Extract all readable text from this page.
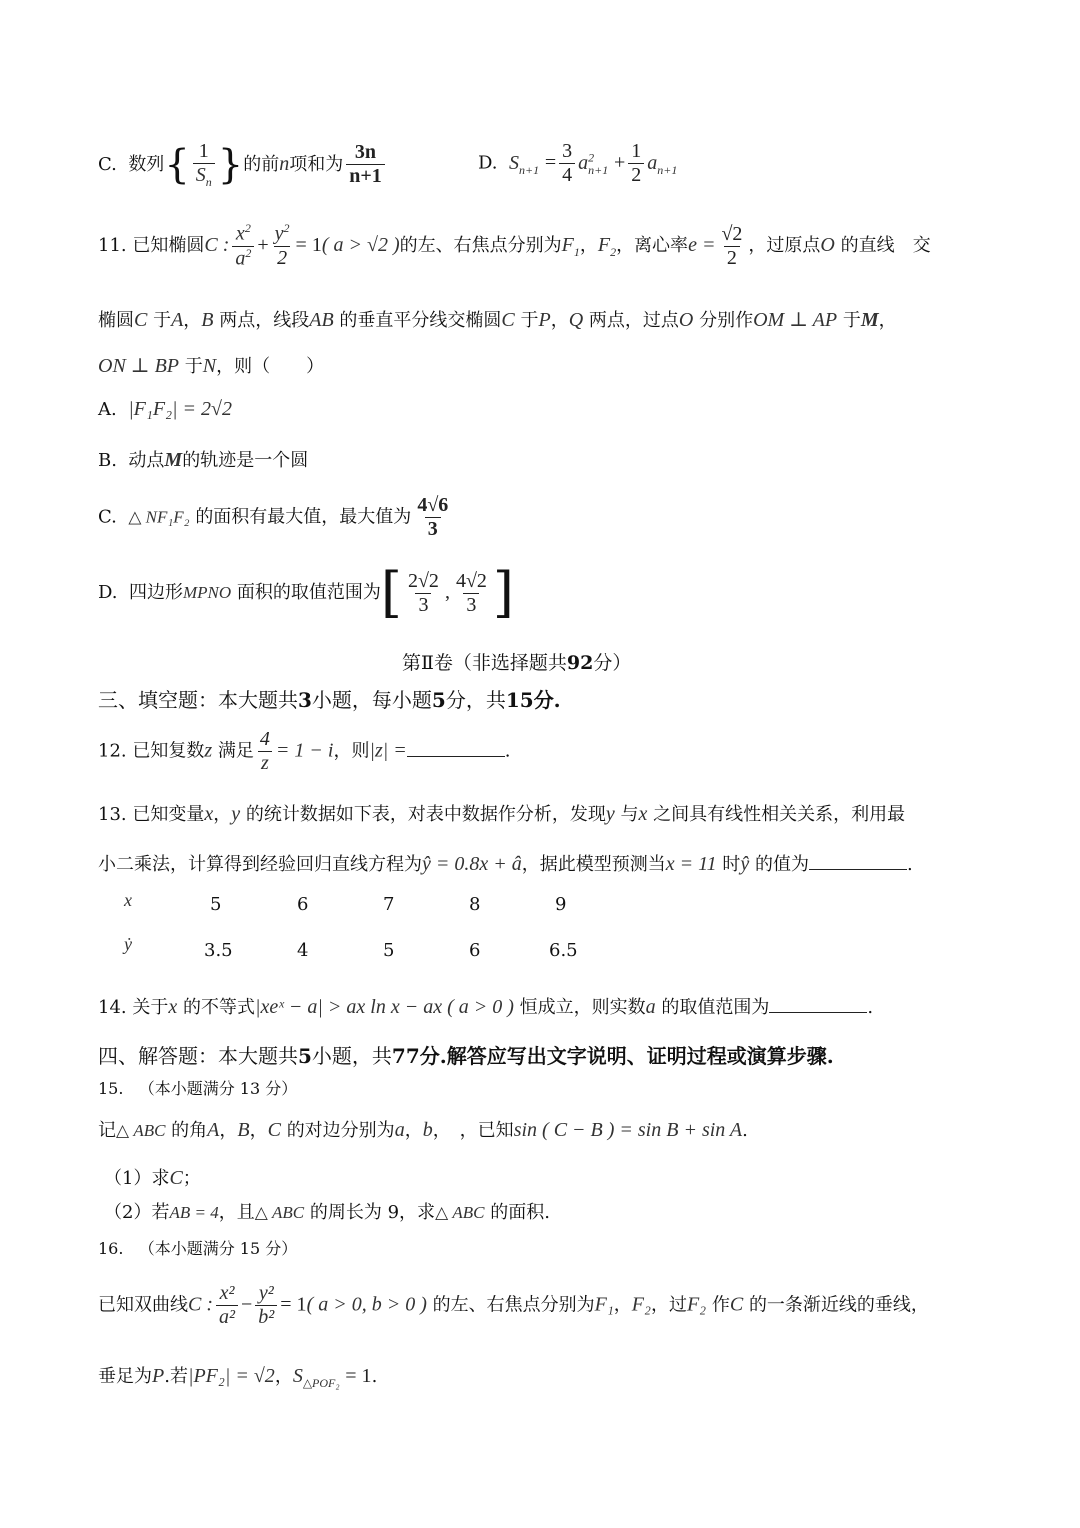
C. 数列{ $\frac{1}{S_n}$ }的前n项和为 $\frac{3n}{n+1}$	D. $S_{n+1} = \frac{3}{4} a^2_{n+1} + \frac{1}{2} a_{n+1}$
11. 已知椭圆C : $\frac{x^2}{a^2} + \frac{y^2}{2} = 1$( a > √2 )的左、右焦点分别为$F_1$，$F_2$，离心率$e = \frac{√2}{2}$ ，过原点O 的直线　交
椭圆C 于A，B 两点，线段AB 的垂直平分线交椭圆C 于P，Q 两点，过点O 分别作OM ⊥ AP 于M，
ON ⊥ BP 于N，则（　　）
A. |F₁F₂| = 2√2
B. 动点M的轨迹是一个圆
C. △ NF₁F₂ 的面积有最大值，最大值为 $\frac{4√6}{3}$
D. 四边形MPNO 面积的取值范围为[ $\frac{2√2}{3}$ , $\frac{4√2}{3}$ ]
第Ⅱ卷（非选择题共92分）
三、填空题：本大题共3小题，每小题5分，共15分.
12. 已知复数z 满足 $\frac{4}{z} = 1 - i$，则|z| =	.
13. 已知变量x，y 的统计数据如下表，对表中数据作分析，发现y 与x 之间具有线性相关关系，利用最
小二乘法，计算得到经验回归直线方程为ŷ = 0.8x + â，据此模型预测当x = 11 时ŷ 的值为	.
x	5	6	7	8	9
ẏ	3.5	4	5	6	6.5
14. 关于x 的不等式|xeˣ − a| > ax ln x − ax ( a > 0 ) 恒成立，则实数a 的取值范围为	.
四、解答题：本大题共5小题，共77分.解答应写出文字说明、证明过程或演算步骤.
15. （本小题满分 13 分）
记△ ABC 的角A，B，C 的对边分别为a，b，　，已知sin ( C − B ) = sin B + sin A.
（1）求C；
（2）若AB = 4，且△ ABC 的周长为 9，求△ ABC 的面积.
16. （本小题满分 15 分）
已知双曲线C : $\frac{\text{x²}}{\text{a²}} - \frac{\text{y²}}{\text{b²}} = 1$( a > 0, b > 0 ) 的左、右焦点分别为F₁，F₂，过F₂ 作C 的一条渐近线的垂线，
垂足为P.若|PF₂| = √2，$S_{\triangle POF_2} = 1$.
